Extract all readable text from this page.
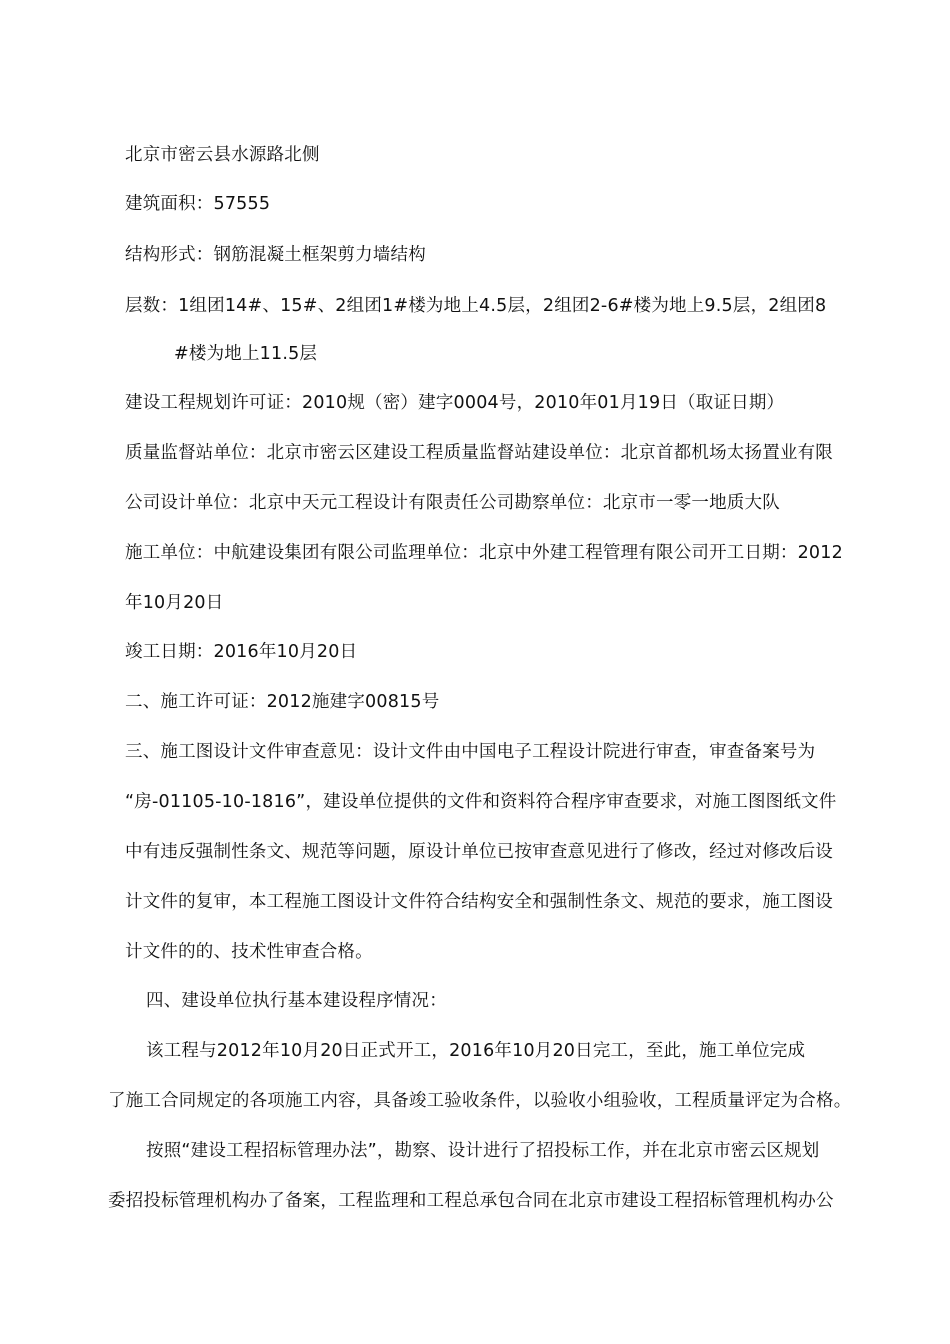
北京市密云县水源路北侧
建筑面积：57555
结构形式：钢筋混凝土框架剪力墙结构
层数：1组团14#、15#、2组团1#楼为地上4.5层，2组团2-6#楼为地上9.5层，2组团8
#楼为地上11.5层
建设工程规划许可证：2010规（密）建字0004号，2010年01月19日（取证日期）
质量监督站单位：北京市密云区建设工程质量监督站建设单位：北京首都机场太扬置业有限
公司设计单位：北京中天元工程设计有限责任公司勘察单位：北京市一零一地质大队
施工单位：中航建设集团有限公司监理单位：北京中外建工程管理有限公司开工日期：2012
年10月20日
竣工日期：2016年10月20日
二、施工许可证：2012施建字00815号
三、施工图设计文件审查意见：设计文件由中国电子工程设计院进行审查，审查备案号为
“房-01105-10-1816”，建设单位提供的文件和资料符合程序审查要求，对施工图图纸文件
中有违反强制性条文、规范等问题，原设计单位已按审查意见进行了修改，经过对修改后设
计文件的复审，本工程施工图设计文件符合结构安全和强制性条文、规范的要求，施工图设
计文件的的、技术性审查合格。
四、建设单位执行基本建设程序情况：
该工程与2012年10月20日正式开工，2016年10月20日完工，至此，施工单位完成
了施工合同规定的各项施工内容，具备竣工验收条件，以验收小组验收，工程质量评定为合格。
按照“建设工程招标管理办法”，勘察、设计进行了招投标工作，并在北京市密云区规划
委招投标管理机构办了备案，工程监理和工程总承包合同在北京市建设工程招标管理机构办公
